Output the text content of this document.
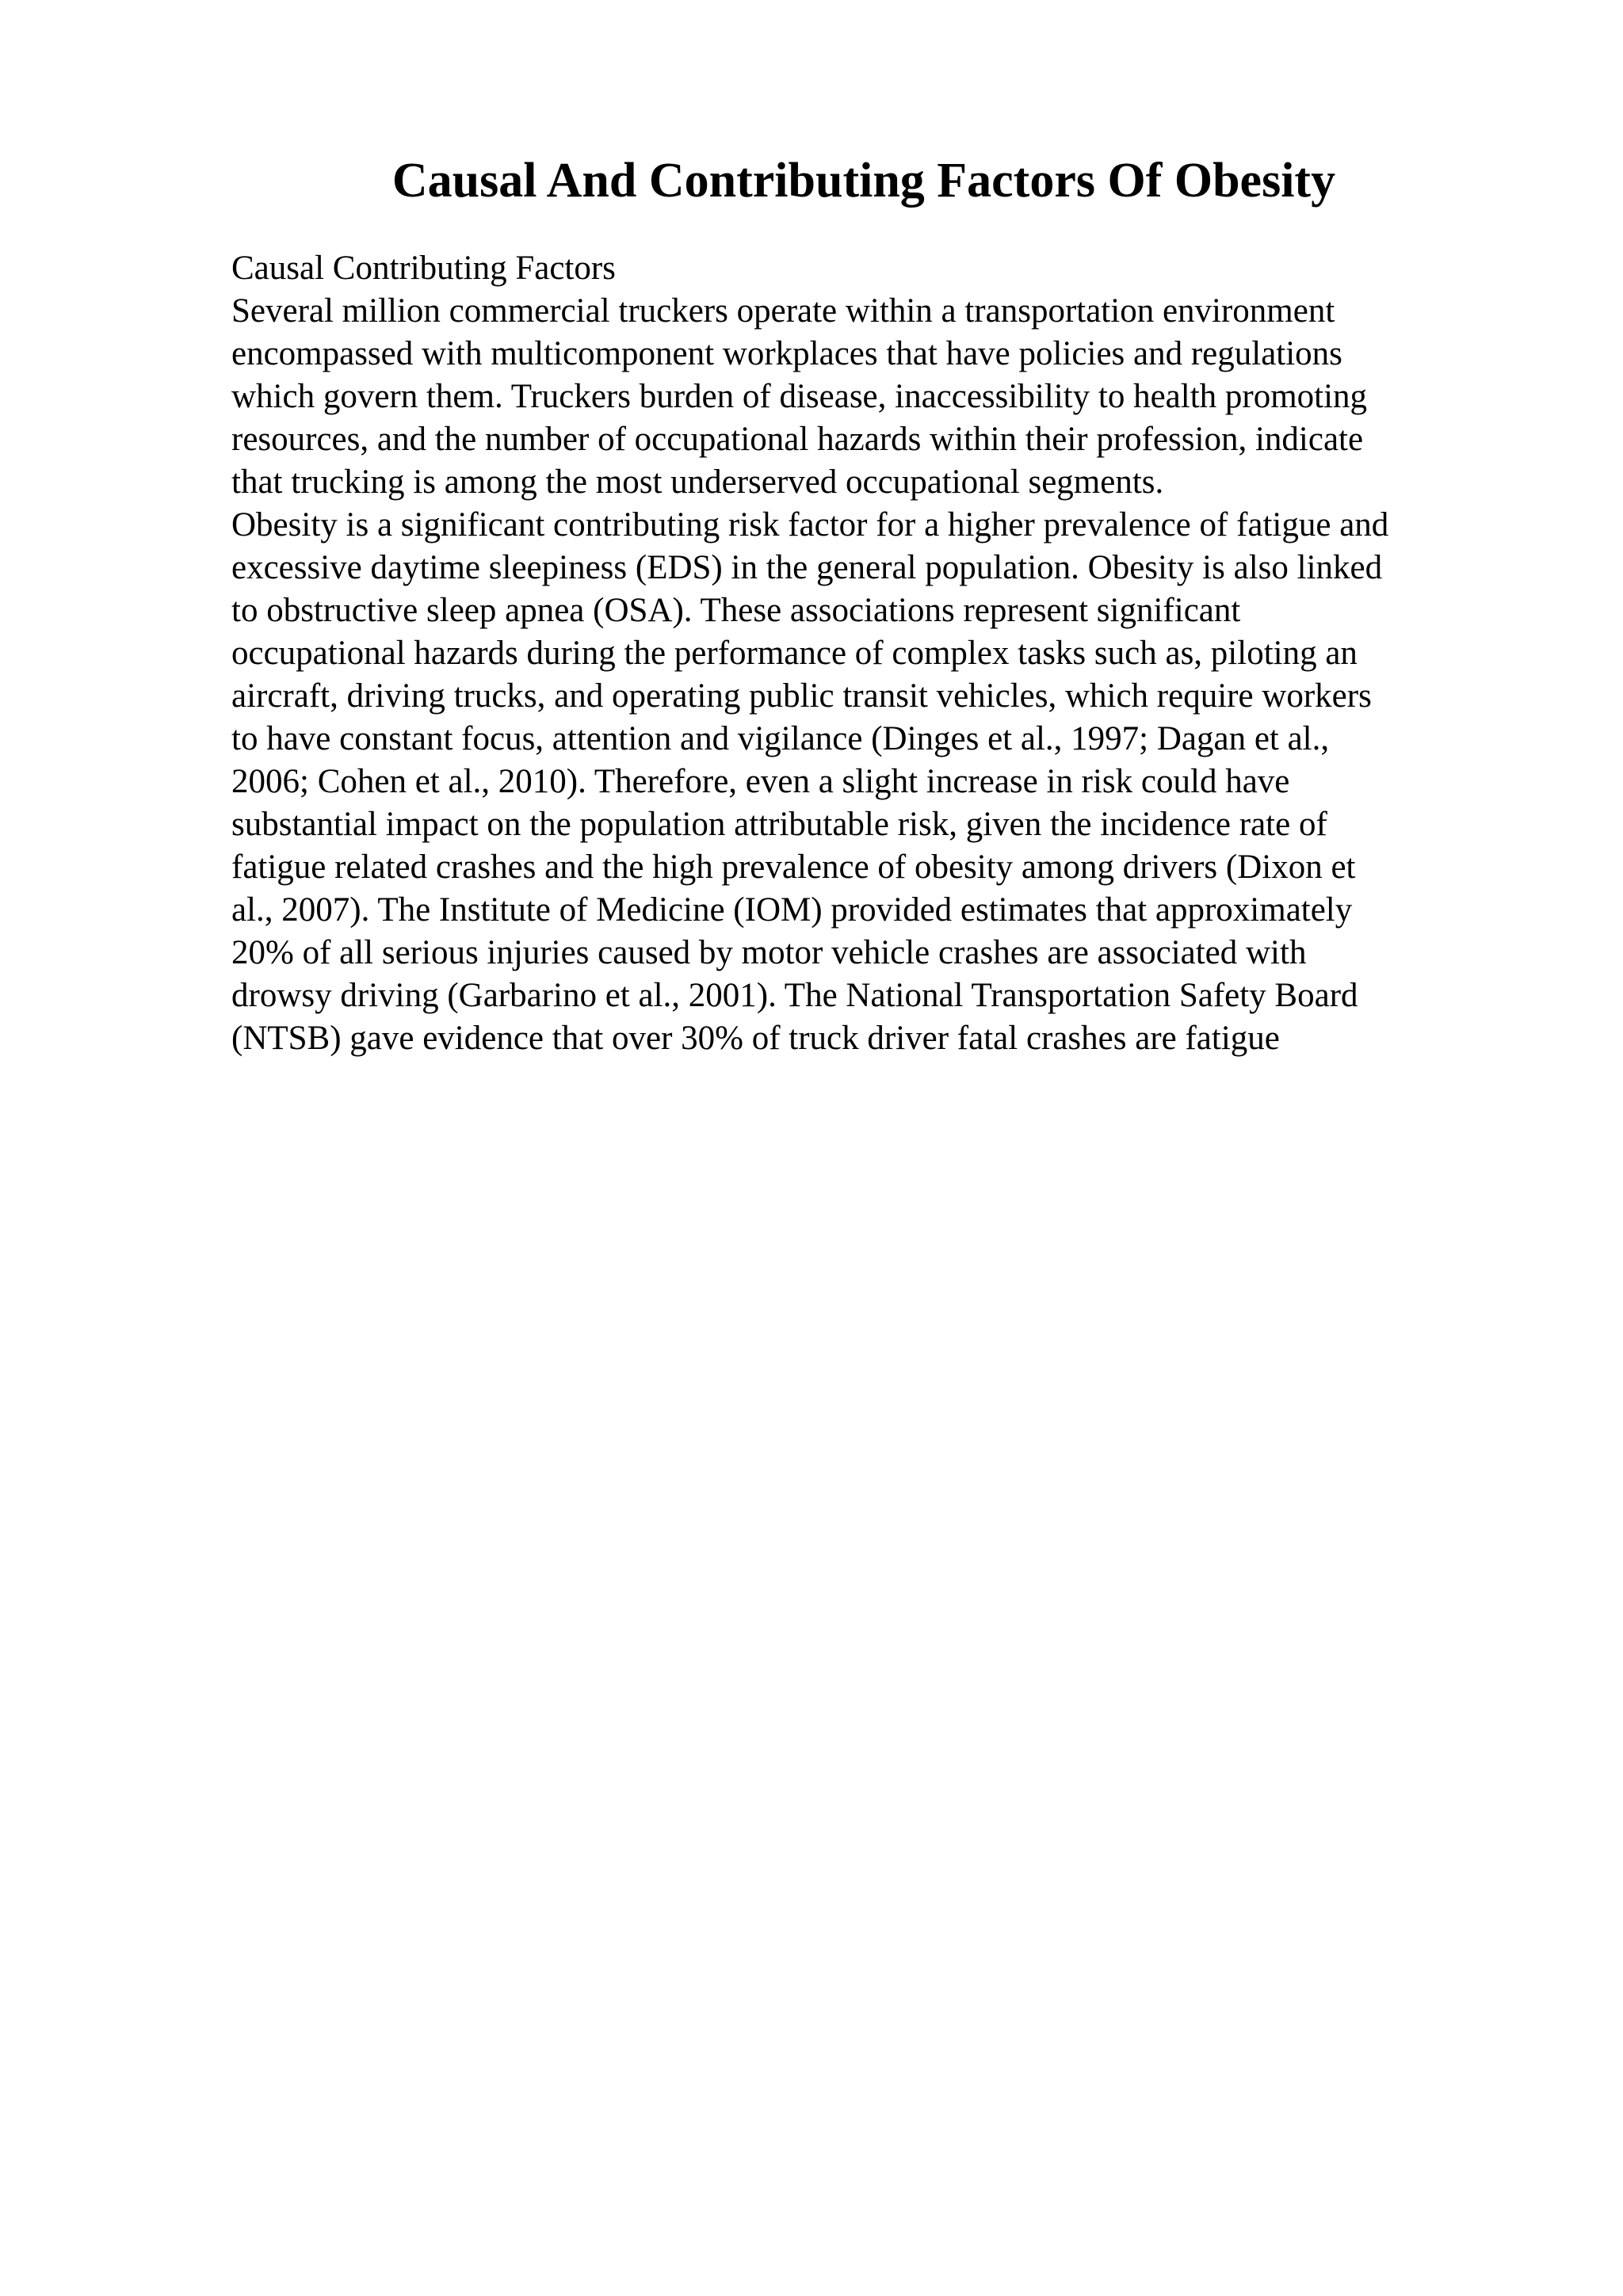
Causal And Contributing Factors Of Obesity
Causal Contributing Factors
Several million commercial truckers operate within a transportation environment
encompassed with multicomponent workplaces that have policies and regulations
which govern them. Truckers burden of disease, inaccessibility to health promoting
resources, and the number of occupational hazards within their profession, indicate
that trucking is among the most underserved occupational segments.
Obesity is a significant contributing risk factor for a higher prevalence of fatigue and
excessive daytime sleepiness (EDS) in the general population. Obesity is also linked
to obstructive sleep apnea (OSA). These associations represent significant
occupational hazards during the performance of complex tasks such as, piloting an
aircraft, driving trucks, and operating public transit vehicles, which require workers
to have constant focus, attention and vigilance (Dinges et al., 1997; Dagan et al.,
2006; Cohen et al., 2010). Therefore, even a slight increase in risk could have
substantial impact on the population attributable risk, given the incidence rate of
fatigue related crashes and the high prevalence of obesity among drivers (Dixon et
al., 2007). The Institute of Medicine (IOM) provided estimates that approximately
20% of all serious injuries caused by motor vehicle crashes are associated with
drowsy driving (Garbarino et al., 2001). The National Transportation Safety Board
(NTSB) gave evidence that over 30% of truck driver fatal crashes are fatigue
